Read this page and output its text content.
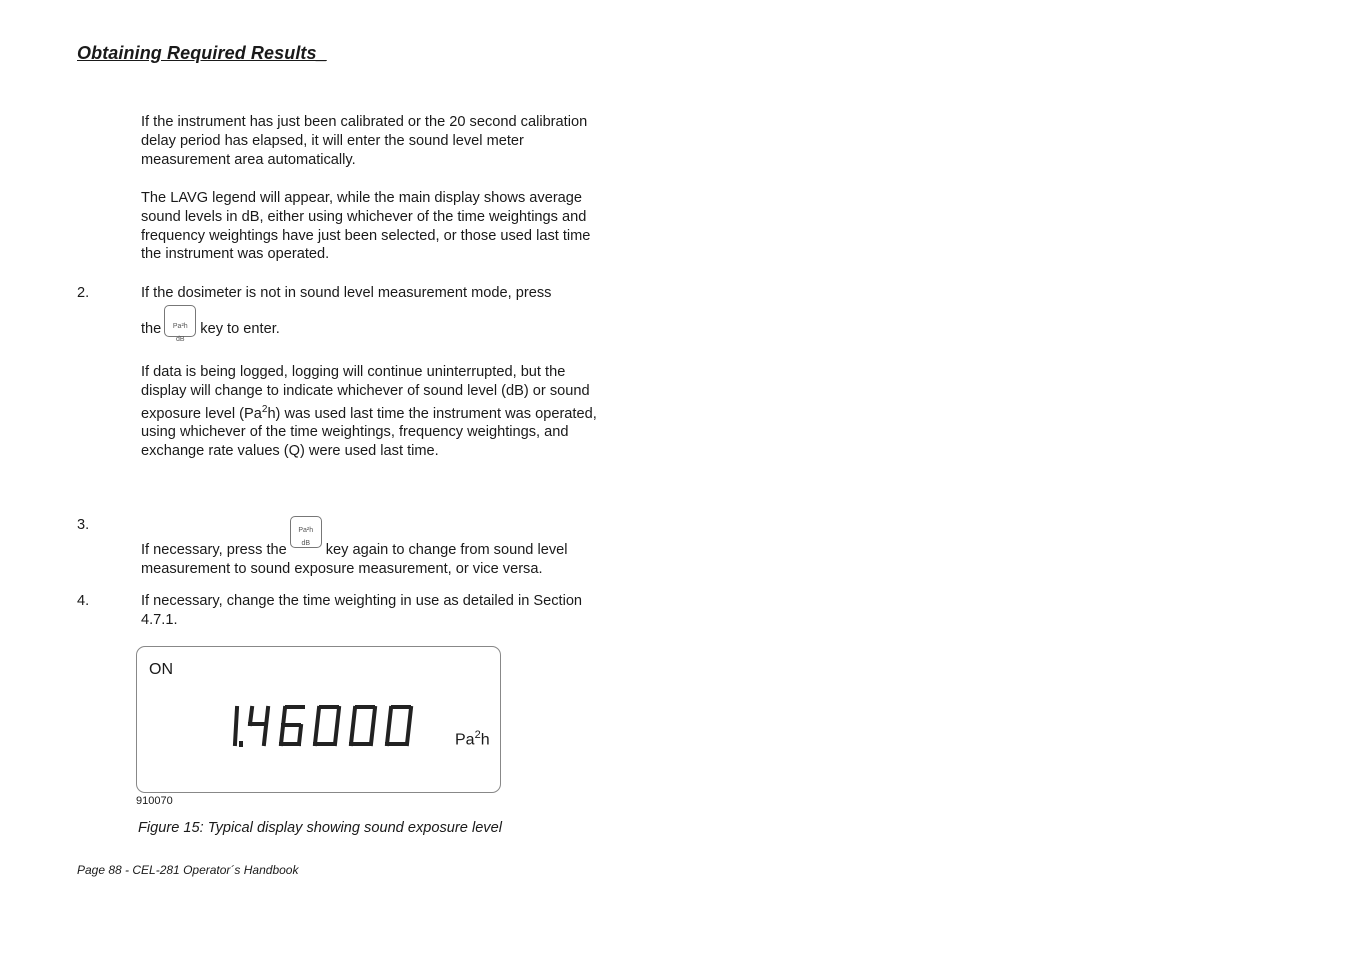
Obtaining Required Results_
If the instrument has just been calibrated or the 20 second calibration delay period has elapsed, it will enter the sound level meter measurement area automatically.
The LAVG legend will appear, while the main display shows average sound levels in dB, either using whichever of the time weightings and frequency weightings have just been selected, or those used last time the instrument was operated.
2.	If the dosimeter is not in sound level measurement mode, press
the	Pa²h
dB
key to enter.
If data is being logged, logging will continue uninterrupted, but the display will change to indicate whichever of sound level (dB) or sound exposure level (Pa$^2$h) was used last time the instrument was operated, using whichever of the time weightings, frequency weightings, and exchange rate values (Q) were used last time.
3.
If necessary, press the
Pa²h
dB	key again to change from sound level measurement to sound exposure measurement, or vice versa.
4.	If necessary, change the time weighting in use as detailed in Section 4.7.1.
ON
Pa$^2$h
910070
Figure 15: Typical display showing sound exposure level
Page 88 - CEL-281 Operator´s Handbook
